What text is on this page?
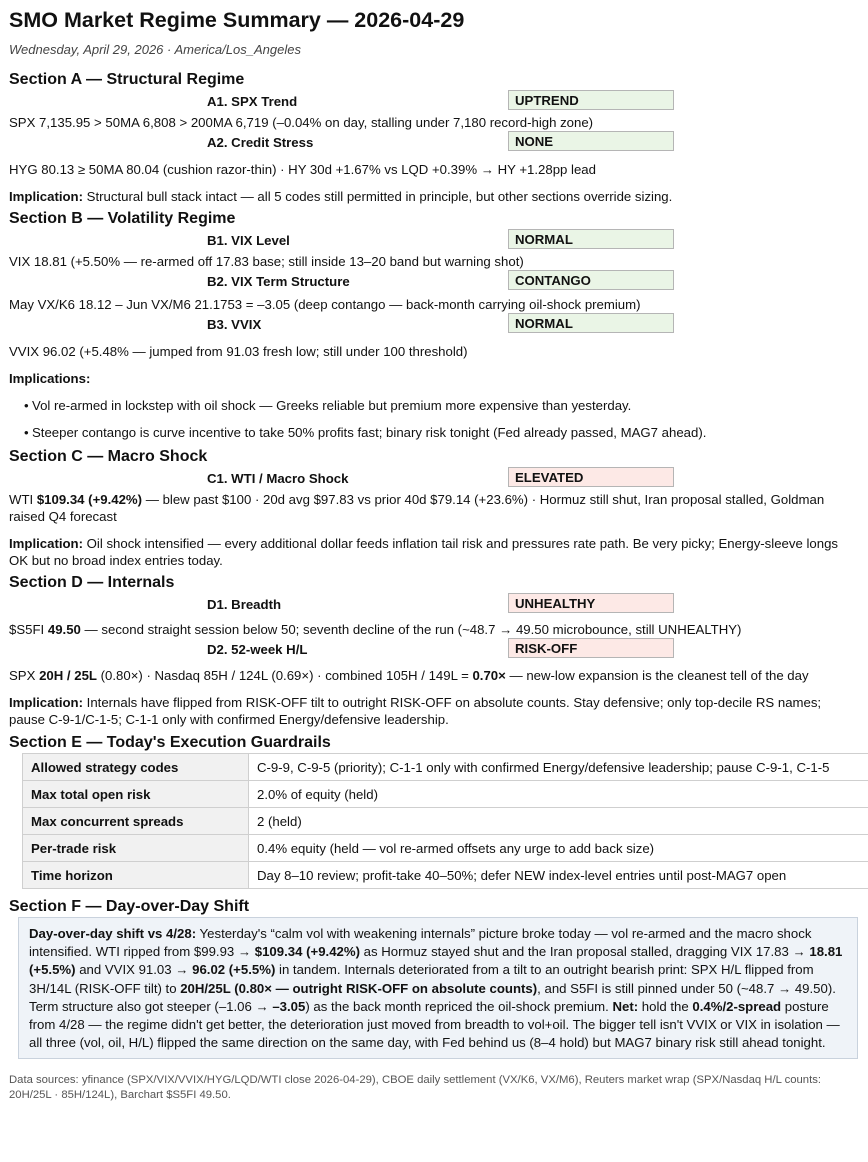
SMO Market Regime Summary — 2026-04-29
Wednesday, April 29, 2026 · America/Los_Angeles
Section A — Structural Regime
A1. SPX Trend	UPTREND

SPX 7,135.95 > 50MA 6,808 > 200MA 6,719 (–0.04% on day, stalling under 7,180 record-high zone)

A2. Credit Stress	NONE

HYG 80.13 ≥ 50MA 80.04 (cushion razor-thin) · HY 30d +1.67% vs LQD +0.39% → HY +1.28pp lead

Implication: Structural bull stack intact — all 5 codes still permitted in principle, but other sections override sizing.

Section B — Volatility Regime
B1. VIX Level	NORMAL

VIX 18.81 (+5.50% — re-armed off 17.83 base; still inside 13–20 band but warning shot)

B2. VIX Term Structure	CONTANGO

May VX/K6 18.12 – Jun VX/M6 21.1753 = –3.05 (deep contango — back-month carrying oil-shock premium)

B3. VVIX	NORMAL

VVIX 96.02 (+5.48% — jumped from 91.03 fresh low; still under 100 threshold)

Implications:

• Vol re-armed in lockstep with oil shock — Greeks reliable but premium more expensive than yesterday.
• Steeper contango is curve incentive to take 50% profits fast; binary risk tonight (Fed already passed, MAG7 ahead).
Section C — Macro Shock
C1. WTI / Macro Shock	ELEVATED

WTI $109.34 (+9.42%) — blew past $100 · 20d avg $97.83 vs prior 40d $79.14 (+23.6%) · Hormuz still shut, Iran proposal stalled, Goldman raised Q4 forecast

Implication: Oil shock intensified — every additional dollar feeds inflation tail risk and pressures rate path. Be very picky; Energy-sleeve longs OK but no broad index entries today.

Section D — Internals
D1. Breadth	UNHEALTHY

$S5FI 49.50 — second straight session below 50; seventh decline of the run (~48.7 → 49.50 microbounce, still UNHEALTHY)

D2. 52-week H/L	RISK-OFF

SPX 20H / 25L (0.80×) · Nasdaq 85H / 124L (0.69×) · combined 105H / 149L = 0.70× — new-low expansion is the cleanest tell of the day

Implication: Internals have flipped from RISK-OFF tilt to outright RISK-OFF on absolute counts. Stay defensive; only top-decile RS names; pause C-9-1/C-1-5; C-1-1 only with confirmed Energy/defensive leadership.

Section E — Today's Execution Guardrails
Allowed strategy codes	C-9-9, C-9-5 (priority); C-1-1 only with confirmed Energy/defensive leadership; pause C-9-1, C-1-5
Max total open risk	2.0% of equity (held)
Max concurrent spreads	2 (held)
Per-trade risk	0.4% equity (held — vol re-armed offsets any urge to add back size)
Time horizon	Day 8–10 review; profit-take 40–50%; defer NEW index-level entries until post-MAG7 open
Section F — Day-over-Day Shift
Day-over-day shift vs 4/28: Yesterday's “calm vol with weakening internals” picture broke today — vol re-armed and the macro shock intensified. WTI ripped from $99.93 → $109.34 (+9.42%) as Hormuz stayed shut and the Iran proposal stalled, dragging VIX 17.83 → 18.81 (+5.5%) and VVIX 91.03 → 96.02 (+5.5%) in tandem. Internals deteriorated from a tilt to an outright bearish print: SPX H/L flipped from 3H/14L (RISK-OFF tilt) to 20H/25L (0.80× — outright RISK-OFF on absolute counts), and S5FI is still pinned under 50 (~48.7 → 49.50). Term structure also got steeper (–1.06 → –3.05) as the back month repriced the oil-shock premium. Net: hold the 0.4%/2-spread posture from 4/28 — the regime didn't get better, the deterioration just moved from breadth to vol+oil. The bigger tell isn't VVIX or VIX in isolation — all three (vol, oil, H/L) flipped the same direction on the same day, with Fed behind us (8–4 hold) but MAG7 binary risk still ahead tonight.
Data sources: yfinance (SPX/VIX/VVIX/HYG/LQD/WTI close 2026-04-29), CBOE daily settlement (VX/K6, VX/M6), Reuters market wrap (SPX/Nasdaq H/L counts: 20H/25L · 85H/124L), Barchart $S5FI 49.50.
